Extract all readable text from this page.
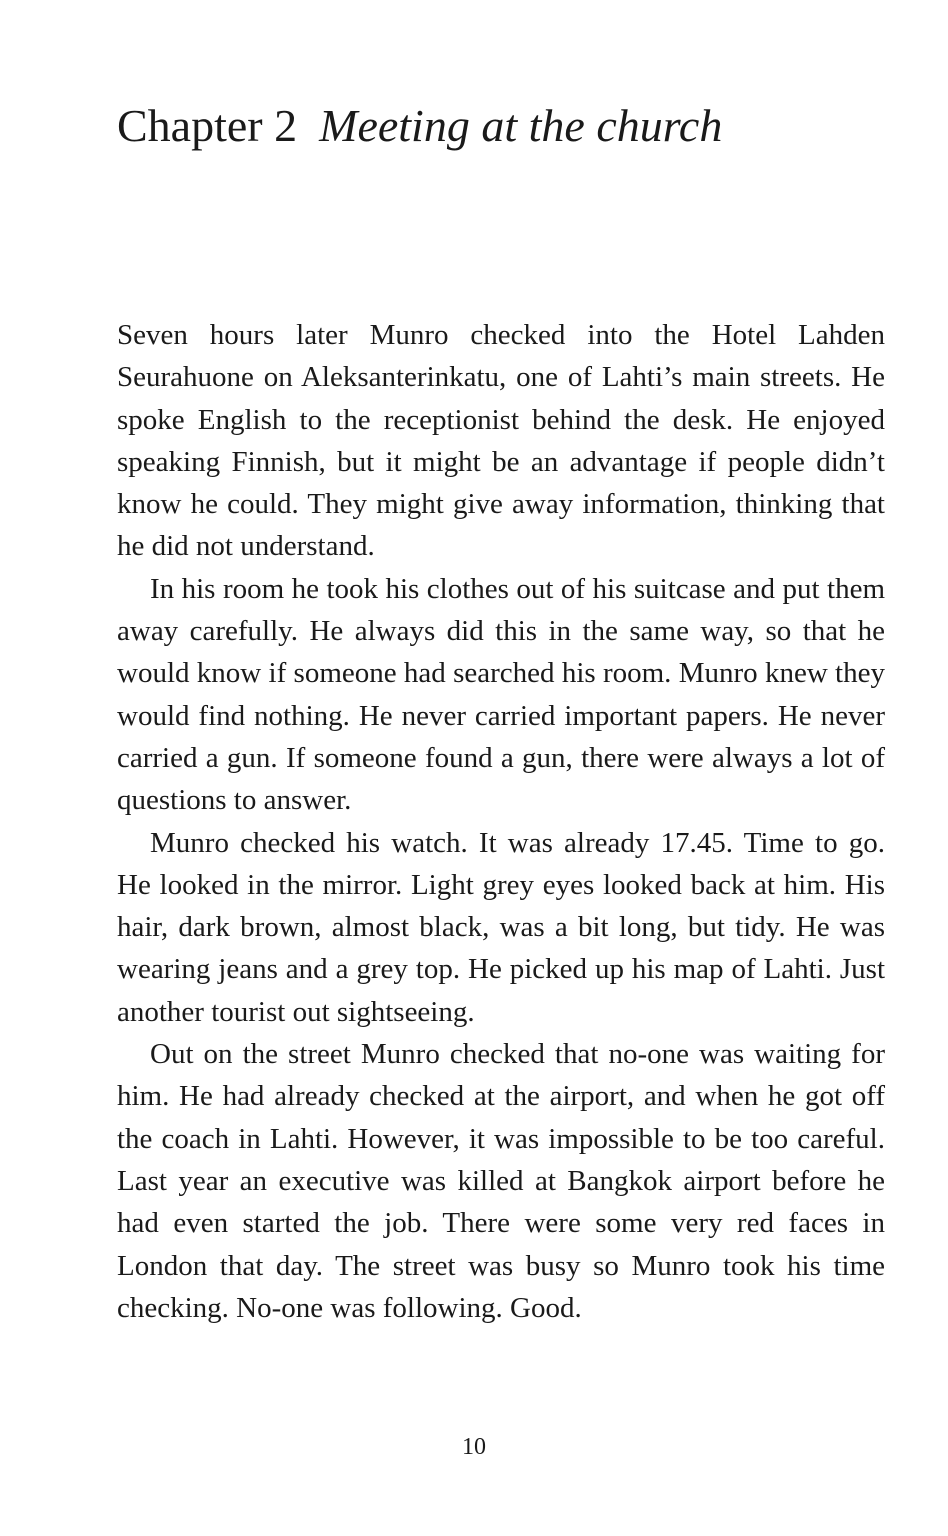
Chapter 2 Meeting at the church

Seven hours later Munro checked into the Hotel Lahden Seurahuone on Aleksanterinkatu, one of Lahti’s main streets. He spoke English to the receptionist behind the desk. He enjoyed speaking Finnish, but it might be an advantage if people didn’t know he could. They might give away information, thinking that he did not understand.

In his room he took his clothes out of his suitcase and put them away carefully. He always did this in the same way, so that he would know if someone had searched his room. Munro knew they would find nothing. He never carried important papers. He never carried a gun. If someone found a gun, there were always a lot of questions to answer.

Munro checked his watch. It was already 17.45. Time to go. He looked in the mirror. Light grey eyes looked back at him. His hair, dark brown, almost black, was a bit long, but tidy. He was wearing jeans and a grey top. He picked up his map of Lahti. Just another tourist out sightseeing.

Out on the street Munro checked that no-one was waiting for him. He had already checked at the airport, and when he got off the coach in Lahti. However, it was impossible to be too careful. Last year an executive was killed at Bangkok airport before he had even started the job. There were some very red faces in London that day. The street was busy so Munro took his time checking. No-one was following. Good.

10
